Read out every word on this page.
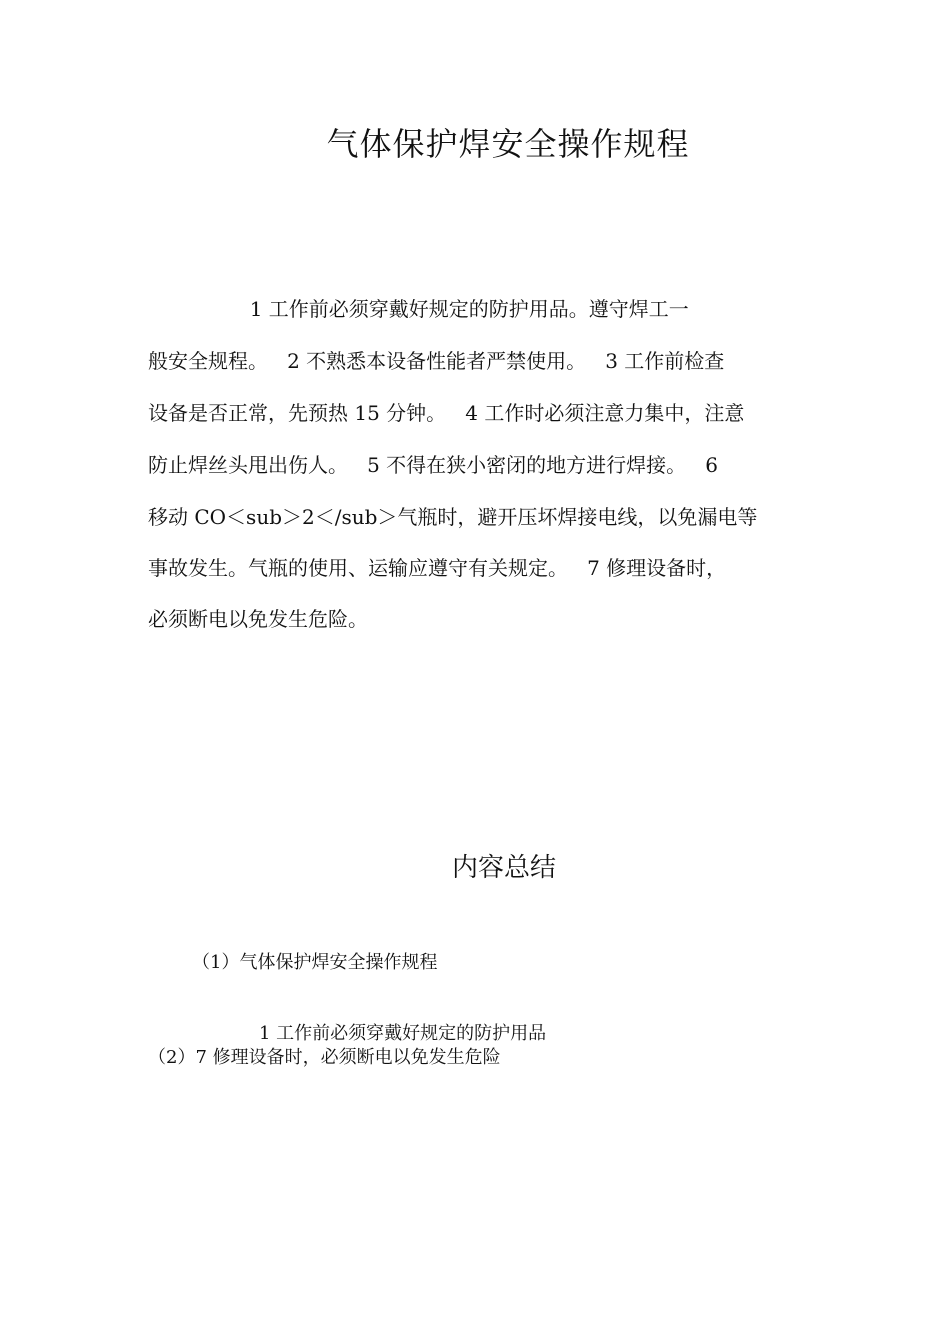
气体保护焊安全操作规程
1 工作前必须穿戴好规定的防护用品。遵守焊工一
般安全规程。   2 不熟悉本设备性能者严禁使用。   3 工作前检查
设备是否正常，先预热 15 分钟。   4 工作时必须注意力集中，注意
防止焊丝头甩出伤人。   5 不得在狭小密闭的地方进行焊接。   6
移动 CO＜sub＞2＜/sub＞气瓶时，避开压坏焊接电线，以免漏电等
事故发生。气瓶的使用、运输应遵守有关规定。   7 修理设备时，
必须断电以免发生危险。
内容总结
（1）气体保护焊安全操作规程
1 工作前必须穿戴好规定的防护用品
（2）7 修理设备时，必须断电以免发生危险
